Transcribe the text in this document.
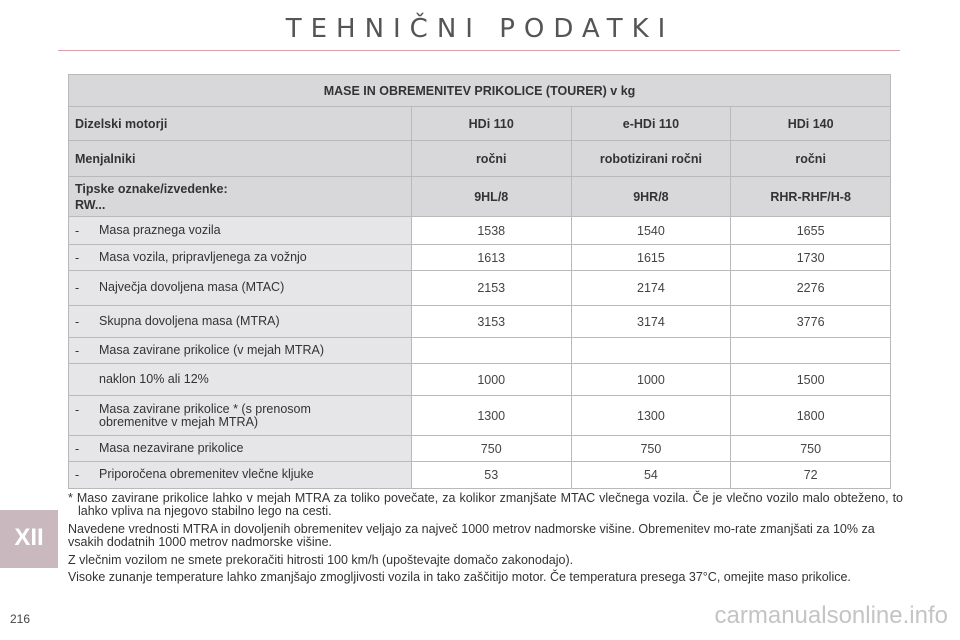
TEHNIČNI PODATKI
MASE IN OBREMENITEV PRIKOLICE (TOURER) v kg			
Dizelski motorji	HDi 110	e-HDi 110	HDi 140
Menjalniki	ročni	robotizirani ročni	ročni

Tipske oznake/izvedenke:
RW...	9HL/8	9HR/8	RHR-RHF/H-8

- Masa praznega vozila	1538	1540	1655

- Masa vozila, pripravljenega za vožnjo	1613	1615	1730

- Največja dovoljena masa (MTAC)	2153	2174	2276

- Skupna dovoljena masa (MTRA)	3153	3174	3776

- Masa zavirane prikolice (v mejah MTRA)			

naklon 10% ali 12%	1000	1000	1500

- Masa zavirane prikolice * (s prenosom obremenitve v mejah MTRA)	1300	1300	1800

- Masa nezavirane prikolice	750	750	750

- Priporočena obremenitev vlečne kljuke	53	54	72
* Maso zavirane prikolice lahko v mejah MTRA za toliko povečate, za kolikor zmanjšate MTAC vlečnega vozila. Če je vlečno vozilo malo obteženo, to lahko vpliva na njegovo stabilno lego na cesti.
Navedene vrednosti MTRA in dovoljenih obremenitev veljajo za največ 1000 metrov nadmorske višine. Obremenitev mo-rate zmanjšati za 10% za vsakih dodatnih 1000 metrov nadmorske višine.
Z vlečnim vozilom ne smete prekoračiti hitrosti 100 km/h (upoštevajte domačo zakonodajo).
Visoke zunanje temperature lahko zmanjšajo zmogljivosti vozila in tako zaščitijo motor. Če temperatura presega 37°C, omejite maso prikolice.
XII
216	carmanualsonline.info
